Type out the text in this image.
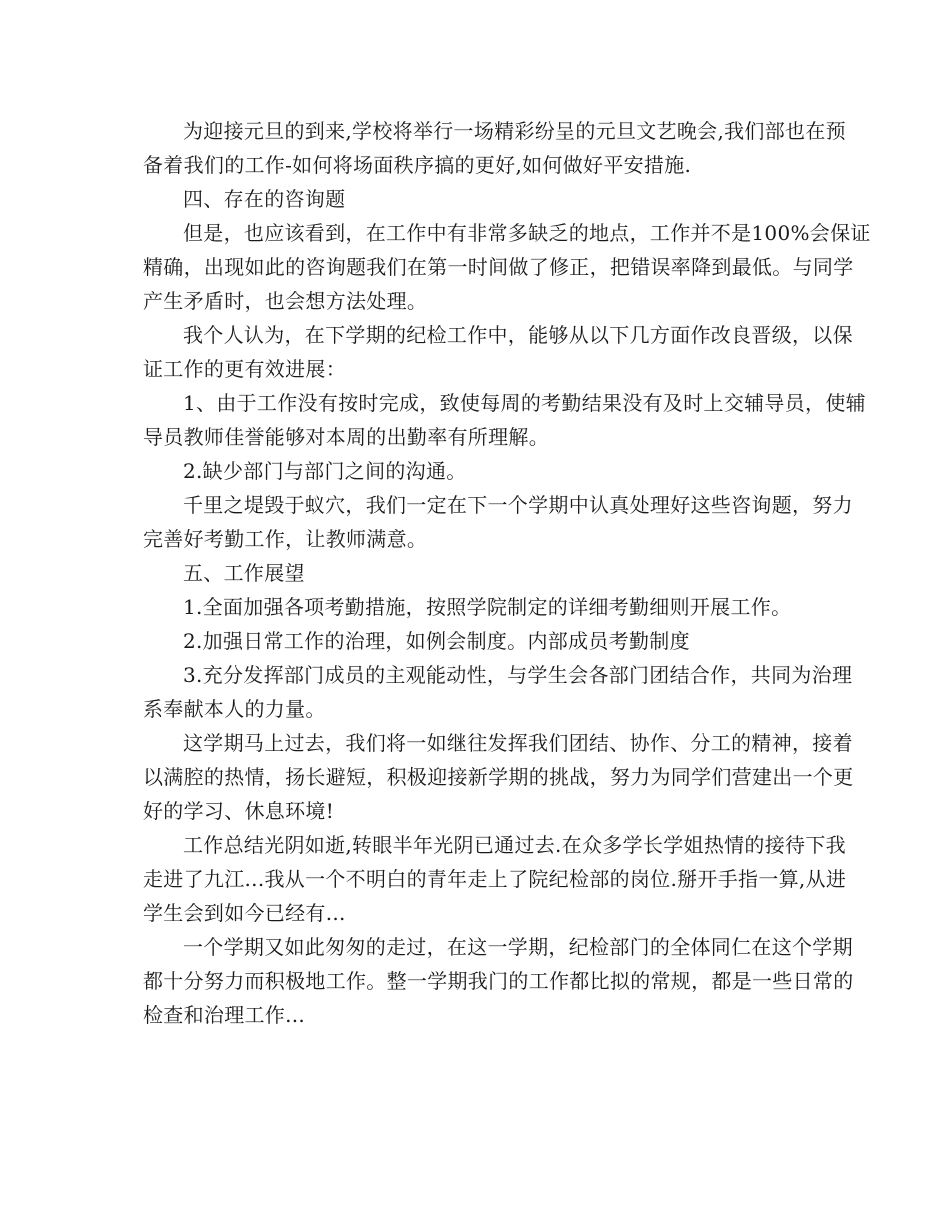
为迎接元旦的到来,学校将举行一场精彩纷呈的元旦文艺晚会,我们部也在预
备着我们的工作-如何将场面秩序搞的更好,如何做好平安措施.

四、存在的咨询题

但是，也应该看到，在工作中有非常多缺乏的地点，工作并不是100%会保证
精确，出现如此的咨询题我们在第一时间做了修正，把错误率降到最低。与同学
产生矛盾时，也会想方法处理。

我个人认为，在下学期的纪检工作中，能够从以下几方面作改良晋级，以保
证工作的更有效进展：

1、由于工作没有按时完成，致使每周的考勤结果没有及时上交辅导员，使辅
导员教师佳誉能够对本周的出勤率有所理解。

2.缺少部门与部门之间的沟通。

千里之堤毁于蚁穴，我们一定在下一个学期中认真处理好这些咨询题，努力
完善好考勤工作，让教师满意。

五、工作展望

1.全面加强各项考勤措施，按照学院制定的详细考勤细则开展工作。

2.加强日常工作的治理，如例会制度。内部成员考勤制度

3.充分发挥部门成员的主观能动性，与学生会各部门团结合作，共同为治理
系奉献本人的力量。

这学期马上过去，我们将一如继往发挥我们团结、协作、分工的精神，接着
以满腔的热情，扬长避短，积极迎接新学期的挑战，努力为同学们营建出一个更
好的学习、休息环境!

工作总结光阴如逝,转眼半年光阴已通过去.在众多学长学姐热情的接待下我
走进了九江...我从一个不明白的青年走上了院纪检部的岗位.掰开手指一算,从进
学生会到如今已经有...

一个学期又如此匆匆的走过，在这一学期，纪检部门的全体同仁在这个学期
都十分努力而积极地工作。整一学期我门的工作都比拟的常规，都是一些日常的
检查和治理工作...
